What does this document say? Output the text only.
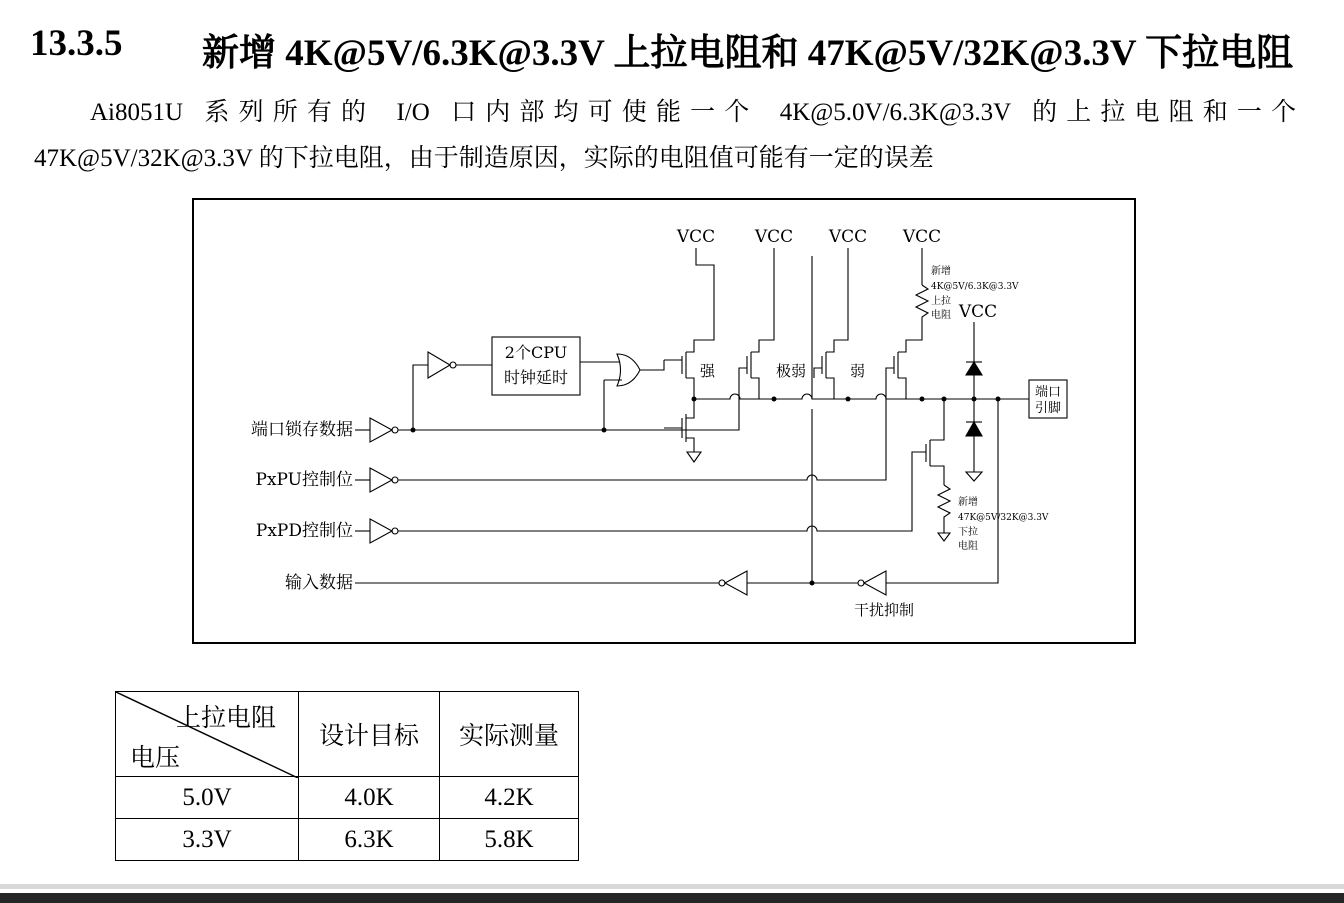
13.3.5 新增 4K@5V/6.3K@3.3V 上拉电阻和 47K@5V/32K@3.3V 下拉电阻
Ai8051U 系列所有的 I/O 口内部均可使能一个 4K@5.0V/6.3K@3.3V 的上拉电阻和一个
47K@5V/32K@3.3V 的下拉电阻，由于制造原因，实际的电阻值可能有一定的误差
VCC VCC VCC VCC
VCC
2个CPU
时钟延时	强	极弱	弱
新增
4K@5V/6.3K@3.3V
上拉
电阻
新增
47K@5V/32K@3.3V
下拉
电阻
端口
引脚
端口锁存数据
PxPU控制位
PxPD控制位
输入数据
干扰抑制
上拉电阻
电压	设计目标	实际测量

5.0V	4.0K	4.2K
3.3V	6.3K	5.8K
